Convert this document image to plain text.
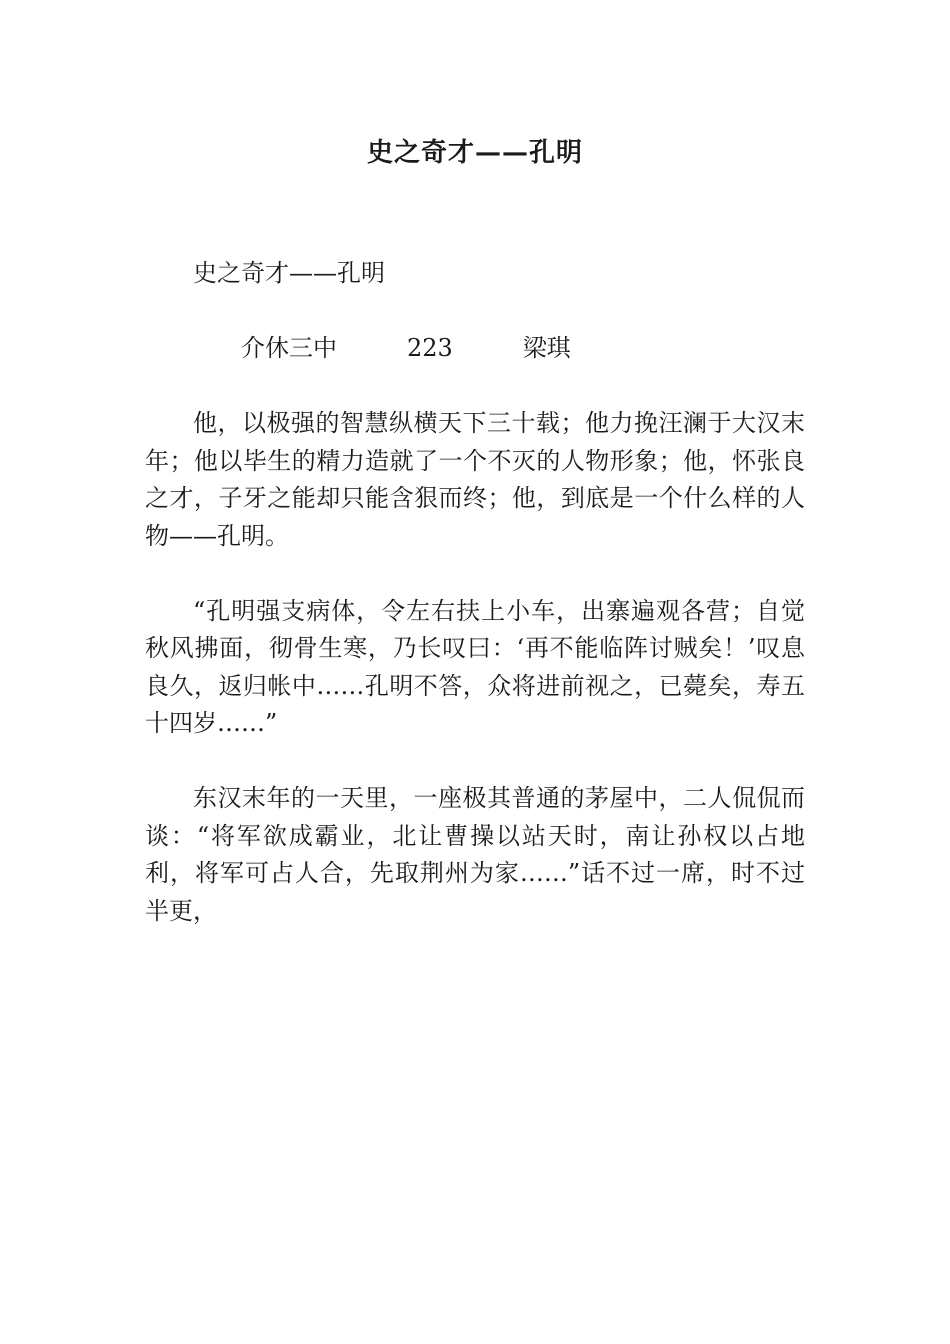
史之奇才——孔明

史之奇才——孔明

介休三中	223	梁琪

他，以极强的智慧纵横天下三十载；他力挽汪澜于大汉末年；他以毕生的精力造就了一个不灭的人物形象；他，怀张良之才，子牙之能却只能含狠而终；他，到底是一个什么样的人物——孔明。

“孔明强支病体，令左右扶上小车，出寨遍观各营；自觉秋风拂面，彻骨生寒，乃长叹曰：‘再不能临阵讨贼矣！’叹息良久，返归帐中……孔明不答，众将进前视之，已薨矣，寿五十四岁……”

东汉末年的一天里，一座极其普通的茅屋中，二人侃侃而谈：“将军欲成霸业，北让曹操以站天时，南让孙权以占地利，将军可占人合，先取荆州为家……”话不过一席，时不过半更，
